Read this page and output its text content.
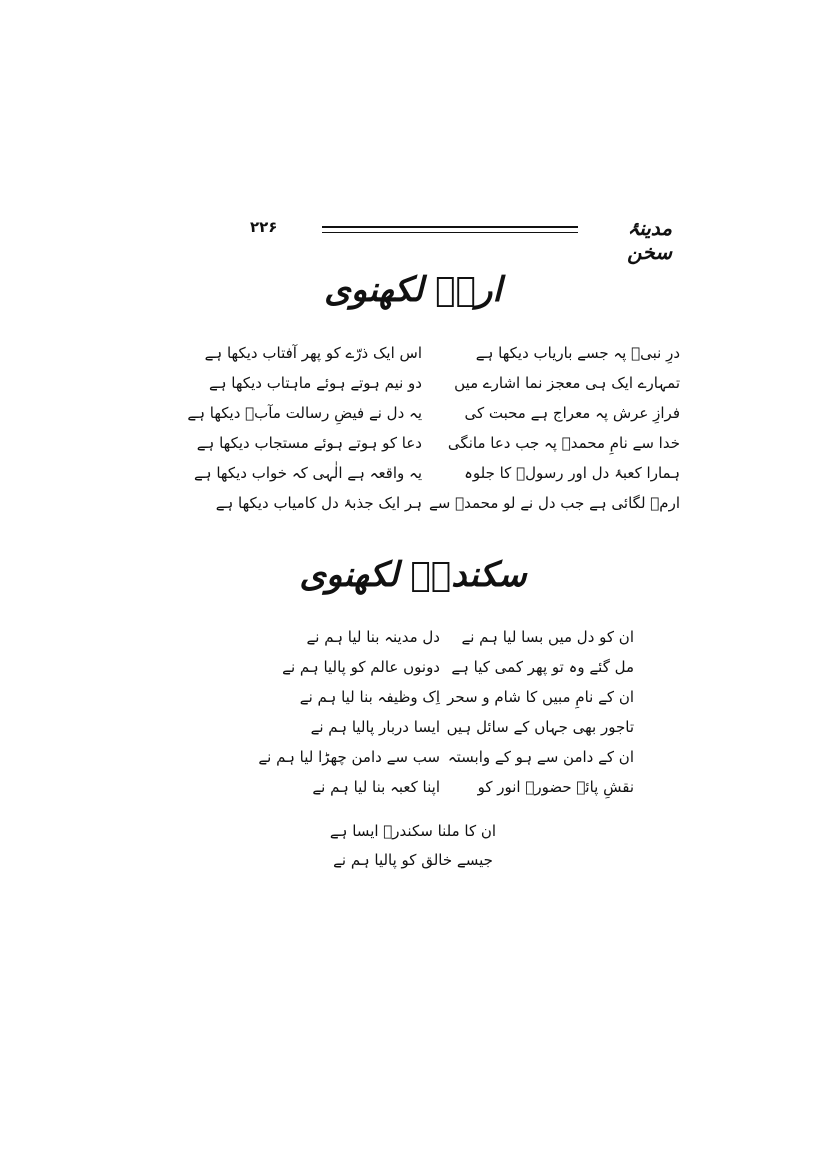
۲۲۶	مدینۂ سخن
ارمؔ لکھنوی
درِ نبیؐ پہ جسے باریاب دیکھا ہے
اس ایک ذرّے کو پھر آفتاب دیکھا ہے
تمہارے ایک ہی معجز نما اشارے میں
دو نیم ہوتے ہوئے ماہتاب دیکھا ہے
فرازِ عرش پہ معراج ہے محبت کی
یہ دل نے فیضِ رسالت مآبؐ دیکھا ہے
خدا سے نامِ محمدؐ پہ جب دعا مانگی
دعا کو ہوتے ہوئے مستجاب دیکھا ہے
ہمارا کعبۂ دل اور رسولؐ کا جلوہ
یہ واقعہ ہے الٰہی کہ خواب دیکھا ہے
ارمؔ لگائی ہے جب دل نے لو محمدؐ سے
ہر ایک جذبۂ دل کامیاب دیکھا ہے
سکندرؔ لکھنوی
ان کو دل میں بسا لیا ہم نے
دل مدینہ بنا لیا ہم نے
مل گئے وہ تو پھر کمی کیا ہے
دونوں عالم کو پالیا ہم نے
ان کے نامِ مبیں کا شام و سحر
اِک وظیفہ بنا لیا ہم نے
تاجور بھی جہاں کے سائل ہیں
ایسا دربار پالیا ہم نے
ان کے دامن سے ہو کے وابستہ
سب سے دامن چھڑا لیا ہم نے
نقشِ پائے حضورؐ انور کو
اپنا کعبہ بنا لیا ہم نے
ان کا ملنا سکندرؔ ایسا ہے
جیسے خالق کو پالیا ہم نے
